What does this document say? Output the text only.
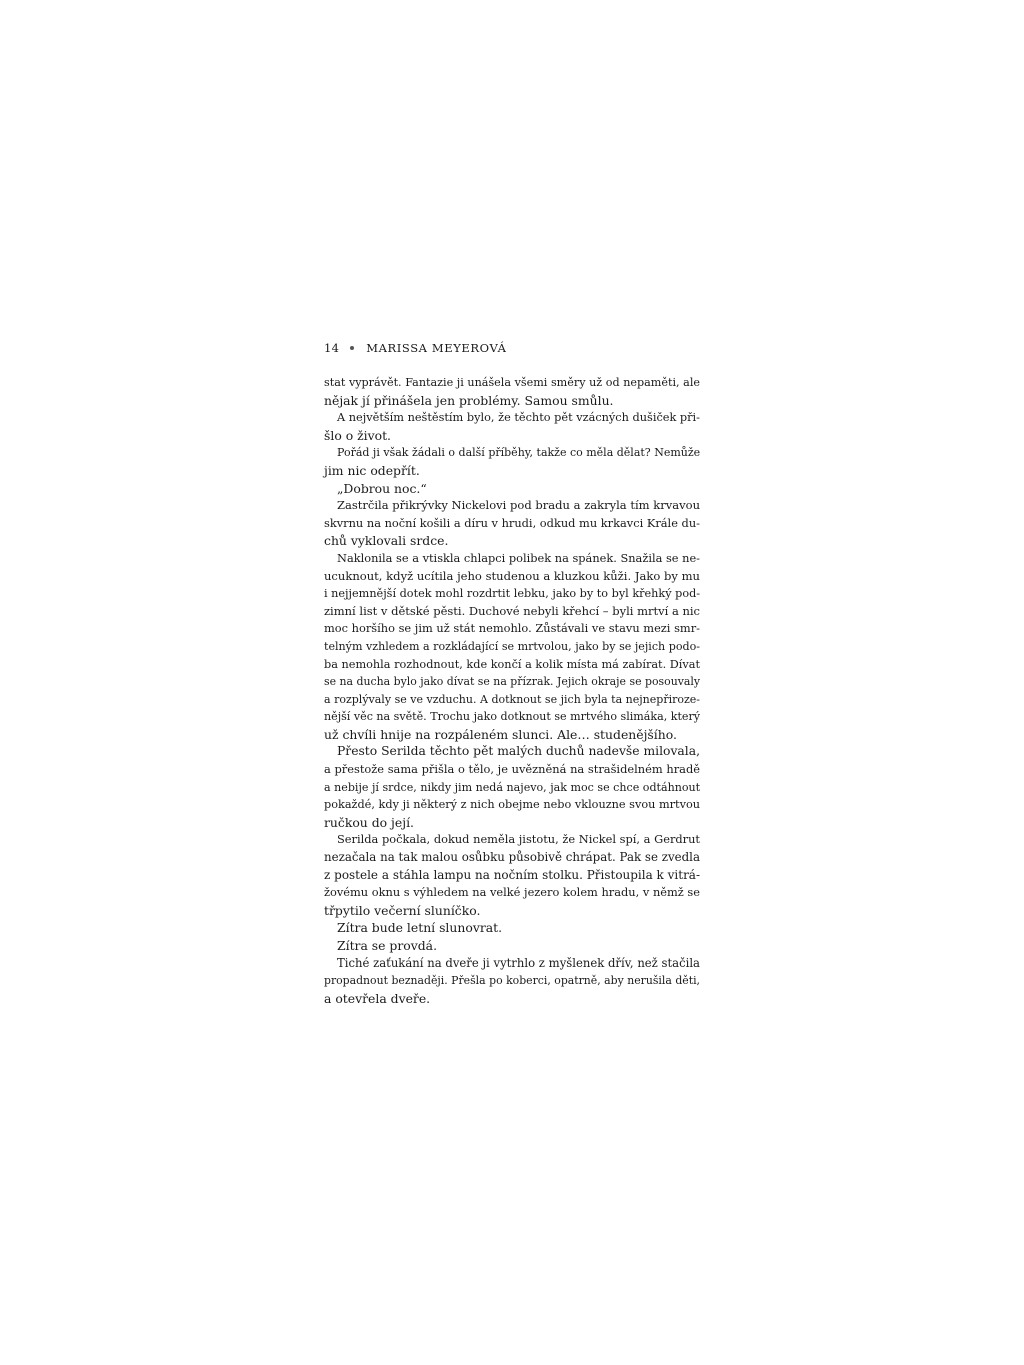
14 MARISSA MEYEROVÁ
stat vyprávět. Fantazie ji unášela všemi směry už od nepaměti, ale
nějak jí přinášela jen problémy. Samou smůlu.
A největším neštěstím bylo, že těchto pět vzácných dušiček při-
šlo o život.
Pořád ji však žádali o další příběhy, takže co měla dělat? Nemůže
jim nic odepřít.
„Dobrou noc.“
Zastrčila přikrývky Nickelovi pod bradu a zakryla tím krvavou
skvrnu na noční košili a díru v hrudi, odkud mu krkavci Krále du-
chů vyklovali srdce.
Naklonila se a vtiskla chlapci polibek na spánek. Snažila se ne-
ucuknout, když ucítila jeho studenou a kluzkou kůži. Jako by mu
i nejjemnější dotek mohl rozdrtit lebku, jako by to byl křehký pod-
zimní list v dětské pěsti. Duchové nebyli křehcí – byli mrtví a nic
moc horšího se jim už stát nemohlo. Zůstávali ve stavu mezi smr-
telným vzhledem a rozkládající se mrtvolou, jako by se jejich podo-
ba nemohla rozhodnout, kde končí a kolik místa má zabírat. Dívat
se na ducha bylo jako dívat se na přízrak. Jejich okraje se posouvaly
a rozplývaly se ve vzduchu. A dotknout se jich byla ta nejnepřiroze-
nější věc na světě. Trochu jako dotknout se mrtvého slimáka, který
už chvíli hnije na rozpáleném slunci. Ale… studenějšího.
Přesto Serilda těchto pět malých duchů nadevše milovala,
a přestože sama přišla o tělo, je uvězněná na strašidelném hradě
a nebije jí srdce, nikdy jim nedá najevo, jak moc se chce odtáhnout
pokaždé, kdy ji některý z nich obejme nebo vklouzne svou mrtvou
ručkou do její.
Serilda počkala, dokud neměla jistotu, že Nickel spí, a Gerdrut
nezačala na tak malou osůbku působivě chrápat. Pak se zvedla
z postele a stáhla lampu na nočním stolku. Přistoupila k vitrá-
žovému oknu s výhledem na velké jezero kolem hradu, v němž se
třpytilo večerní sluníčko.
Zítra bude letní slunovrat.
Zítra se provdá.
Tiché zaťukání na dveře ji vytrhlo z myšlenek dřív, než stačila
propadnout beznaději. Přešla po koberci, opatrně, aby nerušila děti,
a otevřela dveře.
